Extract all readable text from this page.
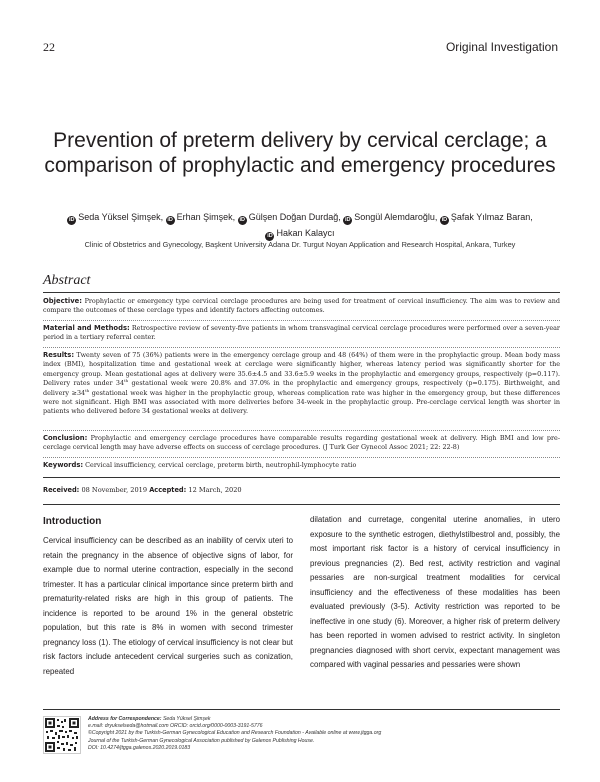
22	Original Investigation
Prevention of preterm delivery by cervical cerclage; a comparison of prophylactic and emergency procedures
iD Seda Yüksel Şimşek, iD Erhan Şimşek, iD Gülşen Doğan Durdağ, iD Songül Alemdaroğlu, iD Şafak Yılmaz Baran,
iD Hakan Kalaycı
Clinic of Obstetrics and Gynecology, Başkent University Adana Dr. Turgut Noyan Application and Research Hospital, Ankara, Turkey
Abstract
Objective: Prophylactic or emergency type cervical cerclage procedures are being used for treatment of cervical insufficiency. The aim was to review and compare the outcomes of these cerclage types and identify factors affecting outcomes.
Material and Methods: Retrospective review of seventy-five patients in whom transvaginal cervical cerclage procedures were performed over a seven-year period in a tertiary referral center.
Results: Twenty seven of 75 (36%) patients were in the emergency cerclage group and 48 (64%) of them were in the prophylactic group. Mean body mass index (BMI), hospitalization time and gestational week at cerclage were significantly higher, whereas latency period was significantly shorter for the emergency group. Mean gestational ages at delivery were 35.6±4.5 and 33.6±5.9 weeks in the prophylactic and emergency groups, respectively (p=0.117). Delivery rates under 34th gestational week were 20.8% and 37.0% in the prophylactic and emergency groups, respectively (p=0.175). Birthweight, and delivery ≥34th gestational week was higher in the prophylactic group, whereas complication rate was higher in the emergency group, but these differences were not significant. High BMI was associated with more deliveries before 34-week in the prophylactic group. Pre-cerclage cervical length was shorter in patients who delivered before 34 gestational weeks at delivery.
Conclusion: Prophylactic and emergency cerclage procedures have comparable results regarding gestational week at delivery. High BMI and low pre-cerclage cervical length may have adverse effects on success of cerclage procedures. (J Turk Ger Gynecol Assoc 2021; 22: 22-8)
Keywords: Cervical insufficiency, cervical cerclage, preterm birth, neutrophil-lymphocyte ratio
Received: 08 November, 2019 Accepted: 12 March, 2020
Introduction
Cervical insufficiency can be described as an inability of cervix uteri to retain the pregnancy in the absence of objective signs of labor, for example due to normal uterine contraction, especially in the second trimester. It has a particular clinical importance since preterm birth and prematurity-related risks are high in this group of patients. The incidence is reported to be around 1% in the general obstetric population, but this rate is 8% in women with second trimester pregnancy loss (1). The etiology of cervical insufficiency is not clear but risk factors include antecedent cervical surgeries such as conization, repeated
dilatation and curretage, congenital uterine anomalies, in utero exposure to the synthetic estrogen, diethylstilbestrol and, possibly, the most important risk factor is a history of cervical insufficiency in previous pregnancies (2). Bed rest, activity restriction and vaginal pessaries are non-surgical treatment modalities for cervical insufficiency and the effectiveness of these modalities has been evaluated previously (3-5). Activity restriction was reported to be ineffective in one study (6). Moreover, a higher risk of preterm delivery has been reported in women advised to restrict activity. In singleton pregnancies diagnosed with short cervix, expectant management was compared with vaginal pessaries and pessaries were shown
Address for Correspondence: Seda Yüksel Şimşek
e.mail: dryukselseda@hotmail.com ORCID: orcid.org/0000-0003-3191-5776
©Copyright 2021 by the Turkish-German Gynecological Education and Research Foundation - Available online at www.jtgga.org
Journal of the Turkish-German Gynecological Association published by Galenos Publishing House.
DOI: 10.4274/jtgga.galenos.2020.2019.0183
